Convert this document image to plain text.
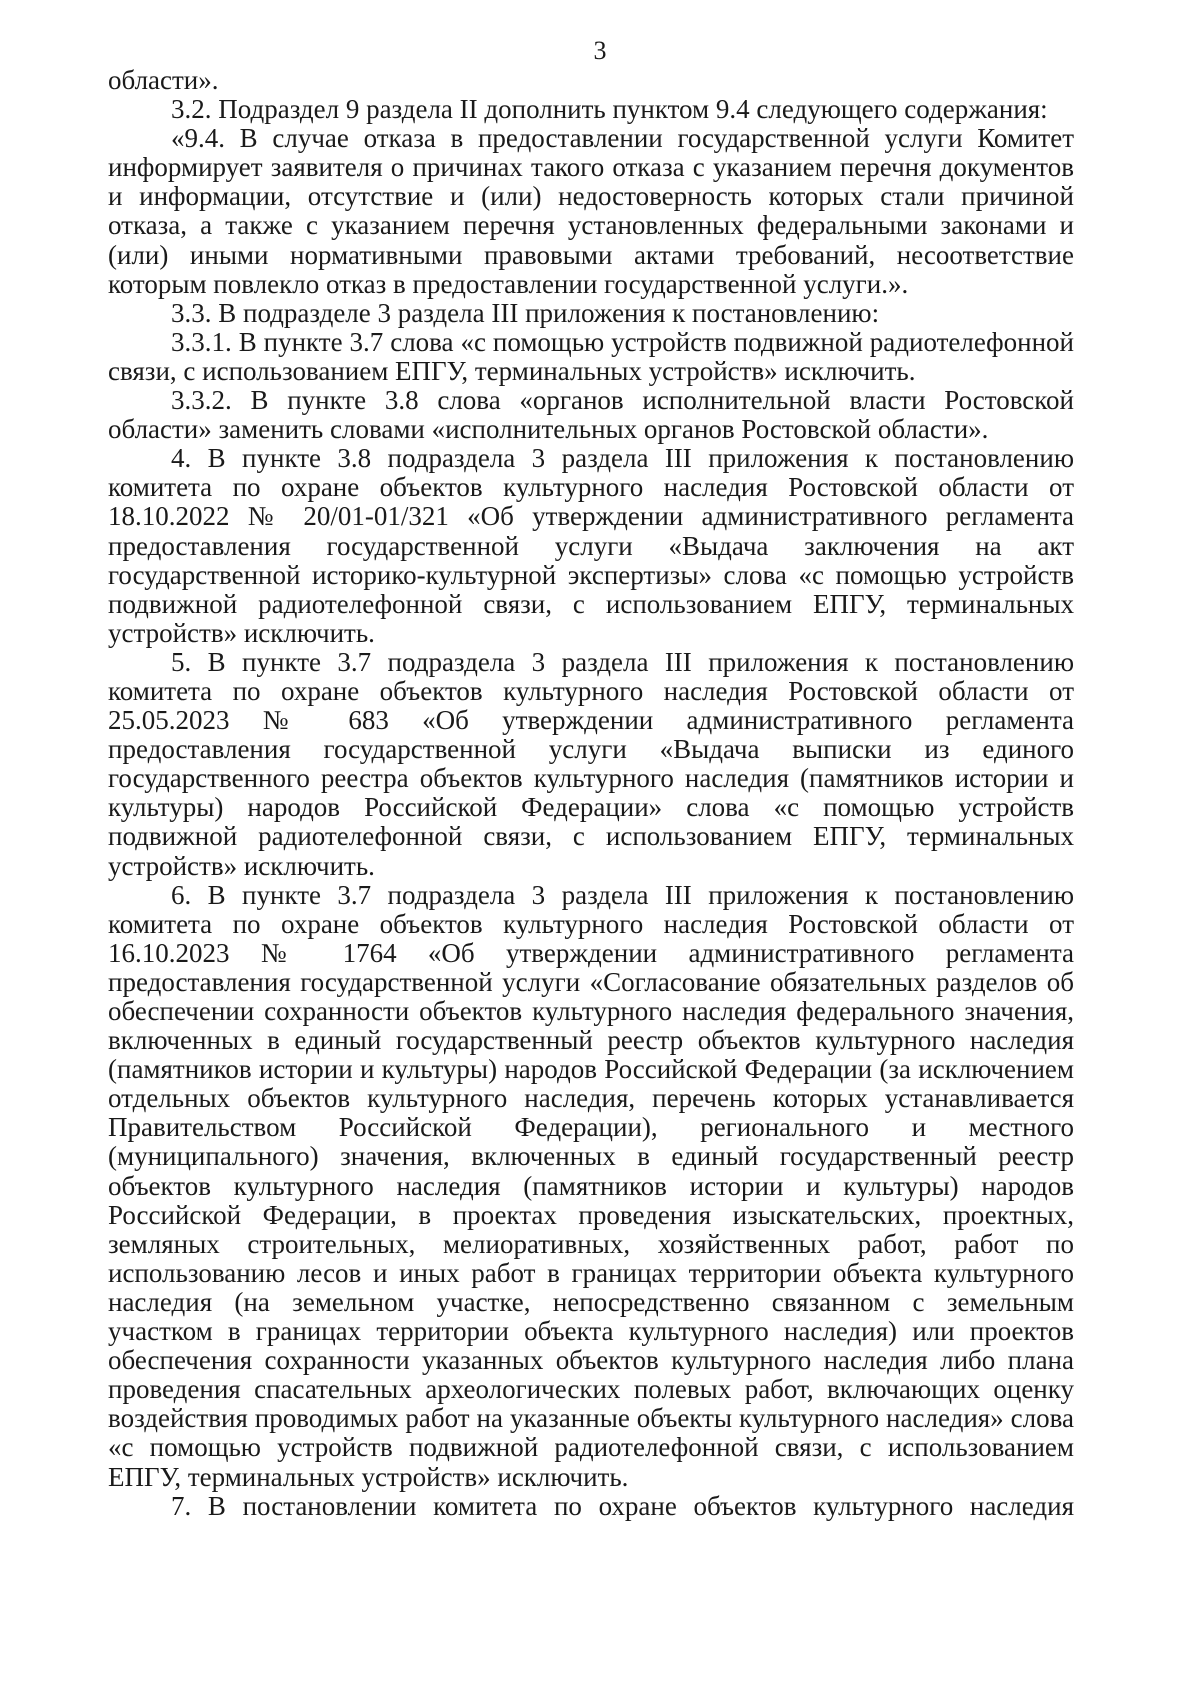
3

области».

3.2. Подраздел 9 раздела II дополнить пунктом 9.4 следующего содержания:

«9.4. В случае отказа в предоставлении государственной услуги Комитет информирует заявителя о причинах такого отказа с указанием перечня документов и информации, отсутствие и (или) недостоверность которых стали причиной отказа, а также с указанием перечня установленных федеральными законами и (или) иными нормативными правовыми актами требований, несоответствие которым повлекло отказ в предоставлении государственной услуги.».

3.3. В подразделе 3 раздела III приложения к постановлению:

3.3.1. В пункте 3.7 слова «с помощью устройств подвижной радиотелефонной связи, с использованием ЕПГУ, терминальных устройств» исключить.

3.3.2. В пункте 3.8 слова «органов исполнительной власти Ростовской области» заменить словами «исполнительных органов Ростовской области».

4. В пункте 3.8 подраздела 3 раздела III приложения к постановлению комитета по охране объектов культурного наследия Ростовской области от 18.10.2022 № 20/01-01/321 «Об утверждении административного регламента предоставления государственной услуги «Выдача заключения на акт государственной историко-культурной экспертизы» слова «с помощью устройств подвижной радиотелефонной связи, с использованием ЕПГУ, терминальных устройств» исключить.

5. В пункте 3.7 подраздела 3 раздела III приложения к постановлению комитета по охране объектов культурного наследия Ростовской области от 25.05.2023 № 683 «Об утверждении административного регламента предоставления государственной услуги «Выдача выписки из единого государственного реестра объектов культурного наследия (памятников истории и культуры) народов Российской Федерации» слова «с помощью устройств подвижной радиотелефонной связи, с использованием ЕПГУ, терминальных устройств» исключить.

6. В пункте 3.7 подраздела 3 раздела III приложения к постановлению комитета по охране объектов культурного наследия Ростовской области от 16.10.2023 № 1764 «Об утверждении административного регламента предоставления государственной услуги «Согласование обязательных разделов об обеспечении сохранности объектов культурного наследия федерального значения, включенных в единый государственный реестр объектов культурного наследия (памятников истории и культуры) народов Российской Федерации (за исключением отдельных объектов культурного наследия, перечень которых устанавливается Правительством Российской Федерации), регионального и местного (муниципального) значения, включенных в единый государственный реестр объектов культурного наследия (памятников истории и культуры) народов Российской Федерации, в проектах проведения изыскательских, проектных, земляных строительных, мелиоративных, хозяйственных работ, работ по использованию лесов и иных работ в границах территории объекта культурного наследия (на земельном участке, непосредственно связанном с земельным участком в границах территории объекта культурного наследия) или проектов обеспечения сохранности указанных объектов культурного наследия либо плана проведения спасательных археологических полевых работ, включающих оценку воздействия проводимых работ на указанные объекты культурного наследия» слова «с помощью устройств подвижной радиотелефонной связи, с использованием ЕПГУ, терминальных устройств» исключить.

7. В постановлении комитета по охране объектов культурного наследия
